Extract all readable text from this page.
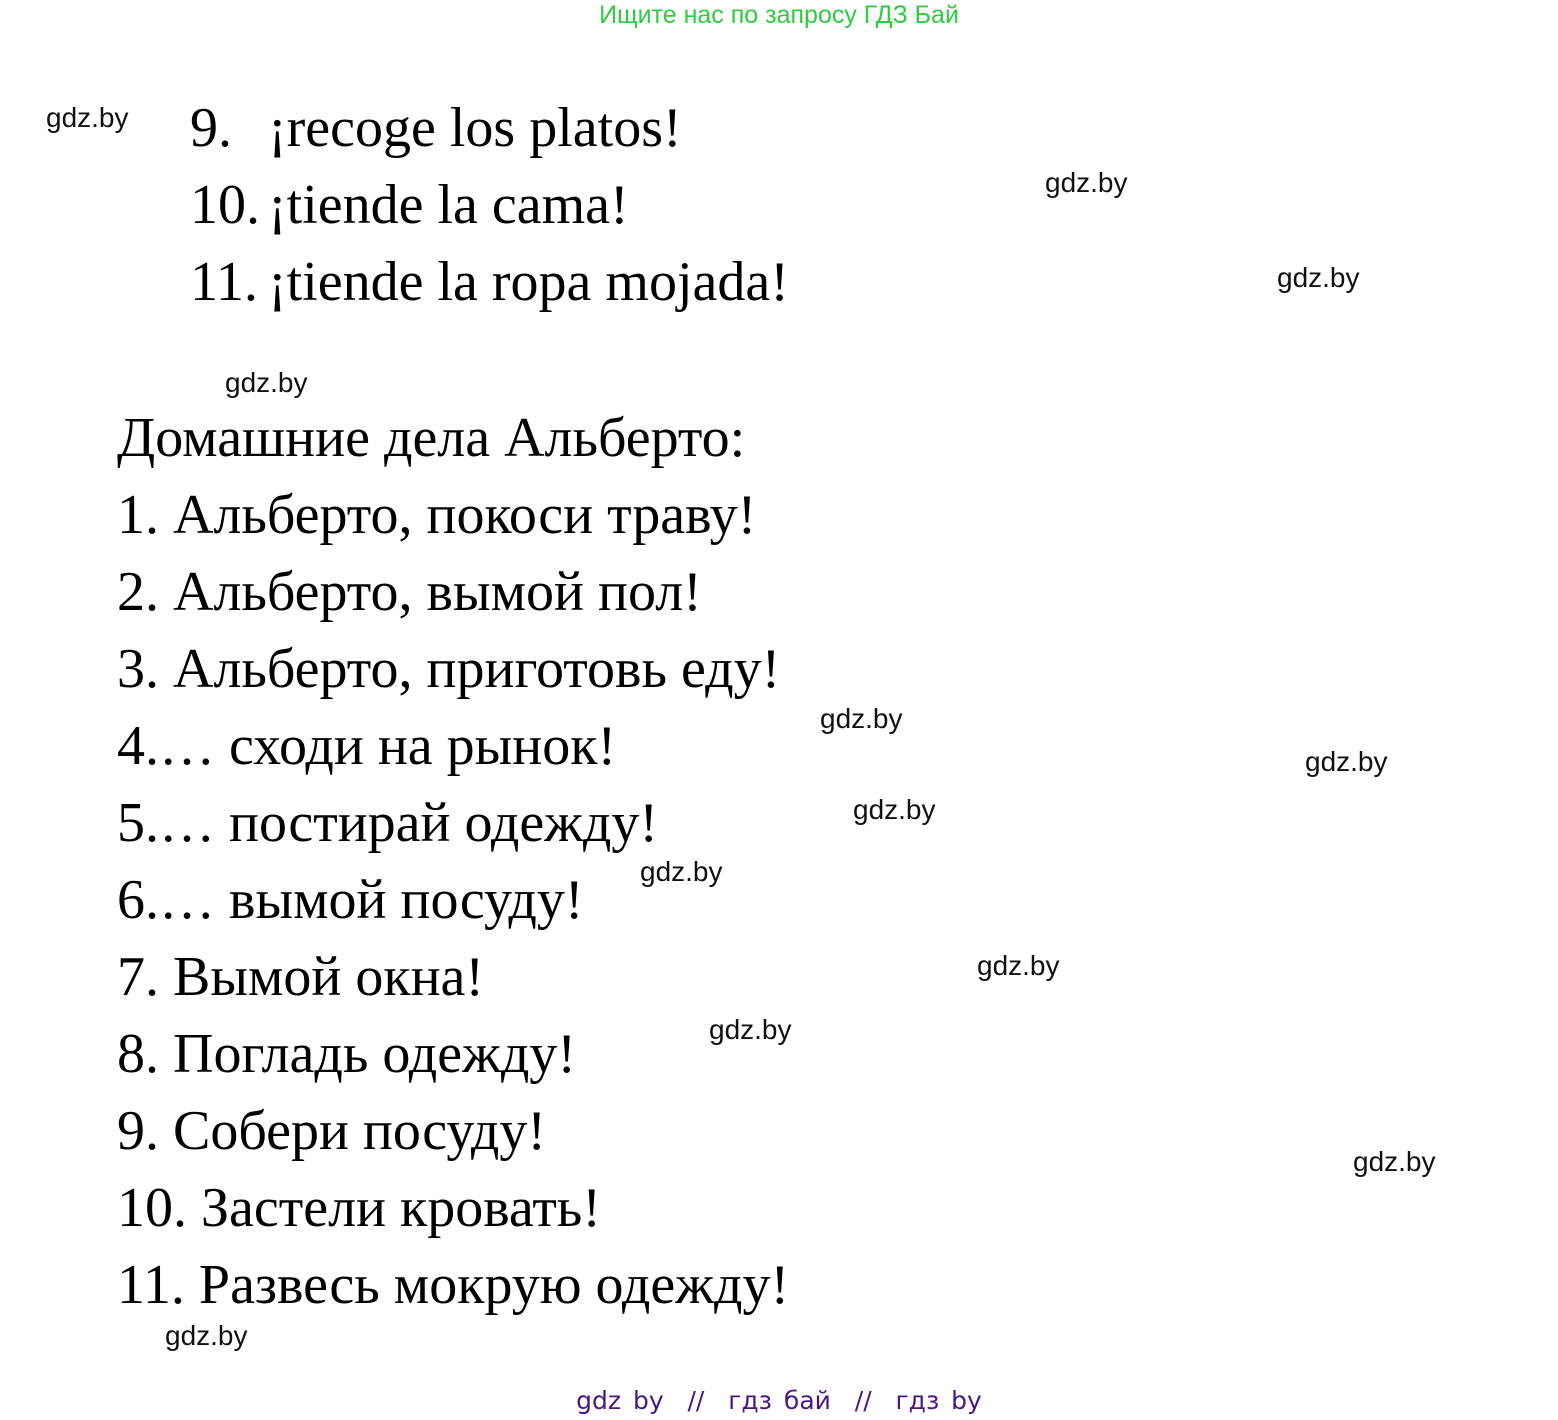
Ищите нас по запросу ГДЗ Бай
9. ¡recoge los platos!
10. ¡tiende la cama!
11. ¡tiende la ropa mojada!
Домашние дела Альберто:
1. Альберто, покоси траву!
2. Альберто, вымой пол!
3. Альберто, приготовь еду!
4.… сходи на рынок!
5.… постирай одежду!
6.… вымой посуду!
7. Вымой окна!
8. Погладь одежду!
9. Собери посуду!
10. Застели кровать!
11. Развесь мокрую одежду!
gdz.by
gdz.by
gdz.by
gdz.by
gdz.by
gdz.by
gdz.by
gdz.by
gdz.by
gdz.by
gdz.by
gdz.by
gdz by  //  гдз бай  //  гдз by
